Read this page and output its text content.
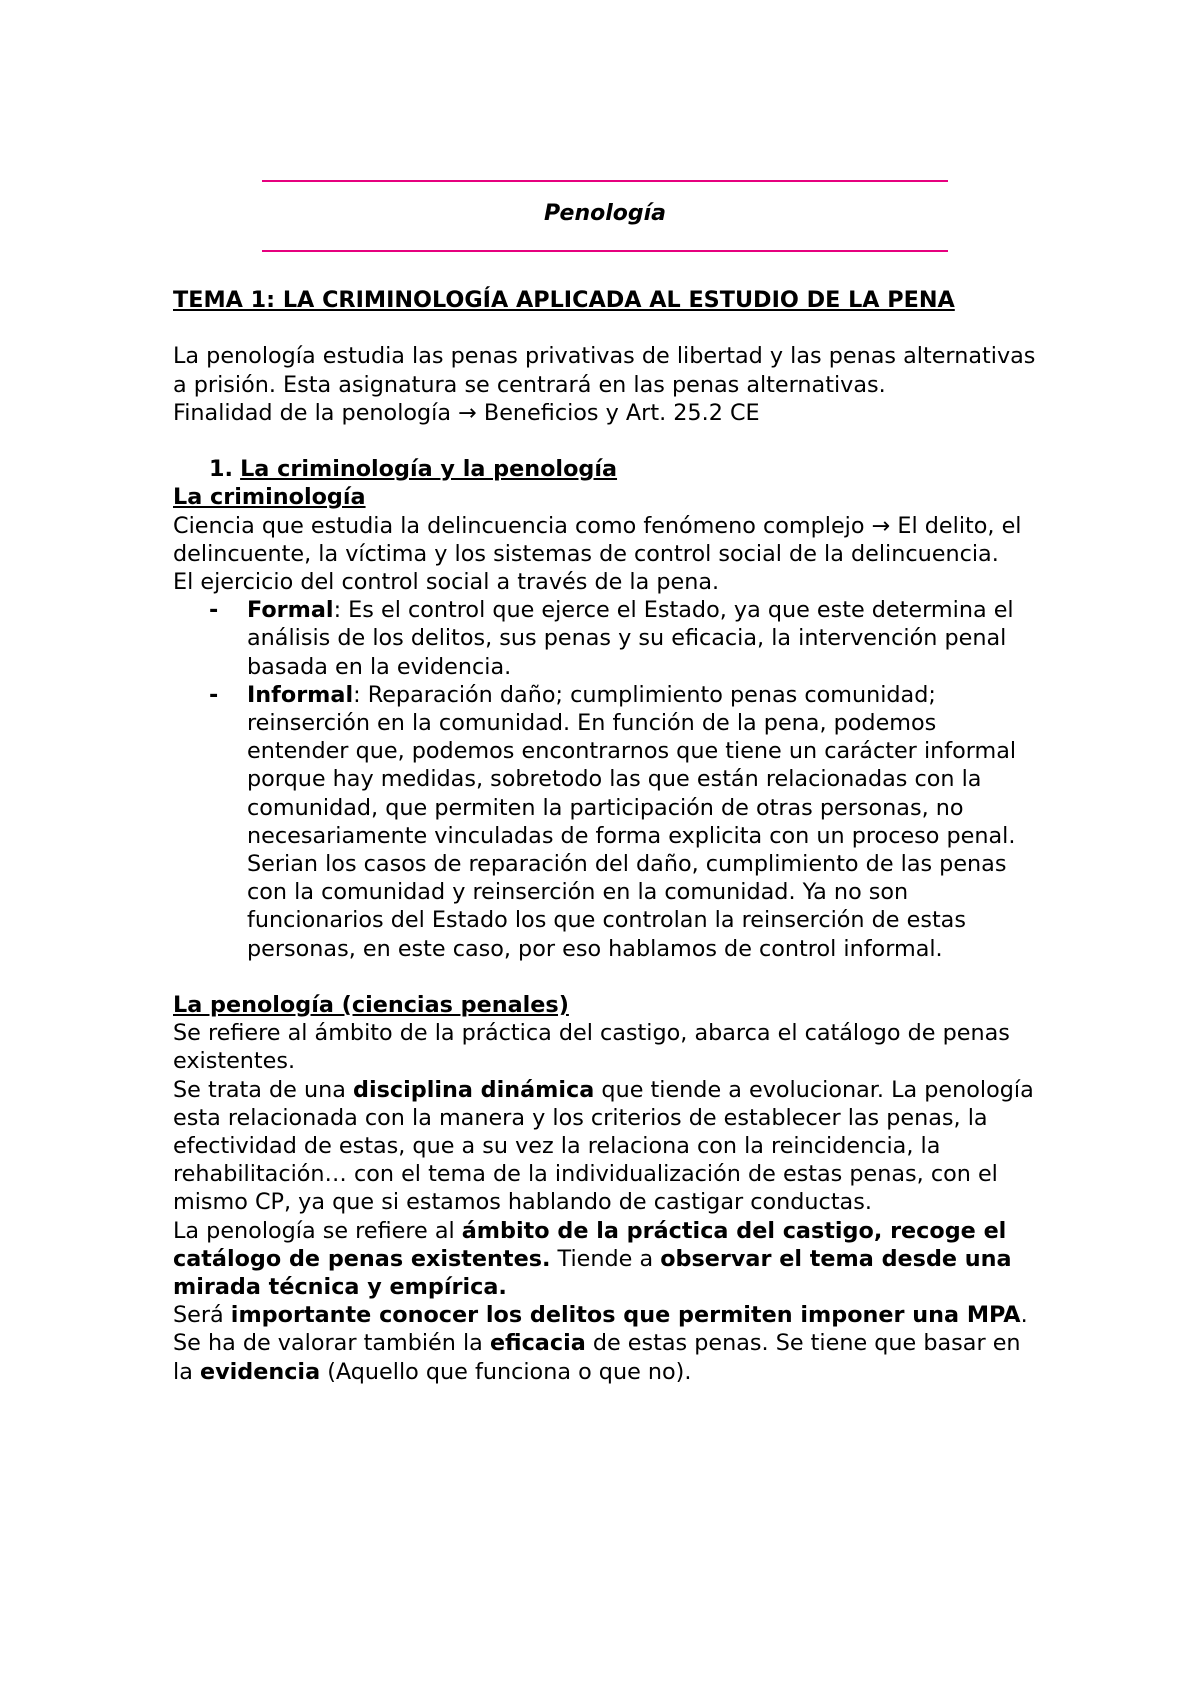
Penología

TEMA 1: LA CRIMINOLOGÍA APLICADA AL ESTUDIO DE LA PENA

La penología estudia las penas privativas de libertad y las penas alternativas a prisión. Esta asignatura se centrará en las penas alternativas.

Finalidad de la penología → Beneficios y Art. 25.2 CE

1. La criminología y la penología

La criminología

Ciencia que estudia la delincuencia como fenómeno complejo → El delito, el delincuente, la víctima y los sistemas de control social de la delincuencia.

El ejercicio del control social a través de la pena.

- Formal: Es el control que ejerce el Estado, ya que este determina el análisis de los delitos, sus penas y su eficacia, la intervención penal basada en la evidencia.

- Informal: Reparación daño; cumplimiento penas comunidad; reinserción en la comunidad. En función de la pena, podemos entender que, podemos encontrarnos que tiene un carácter informal porque hay medidas, sobretodo las que están relacionadas con la comunidad, que permiten la participación de otras personas, no necesariamente vinculadas de forma explicita con un proceso penal. Serian los casos de reparación del daño, cumplimiento de las penas con la comunidad y reinserción en la comunidad. Ya no son funcionarios del Estado los que controlan la reinserción de estas personas, en este caso, por eso hablamos de control informal.

La penología (ciencias penales)

Se refiere al ámbito de la práctica del castigo, abarca el catálogo de penas existentes.

Se trata de una disciplina dinámica que tiende a evolucionar. La penología esta relacionada con la manera y los criterios de establecer las penas, la efectividad de estas, que a su vez la relaciona con la reincidencia, la rehabilitación… con el tema de la individualización de estas penas, con el mismo CP, ya que si estamos hablando de castigar conductas.

La penología se refiere al ámbito de la práctica del castigo, recoge el catálogo de penas existentes. Tiende a observar el tema desde una mirada técnica y empírica.

Será importante conocer los delitos que permiten imponer una MPA. Se ha de valorar también la eficacia de estas penas. Se tiene que basar en la evidencia (Aquello que funciona o que no).
